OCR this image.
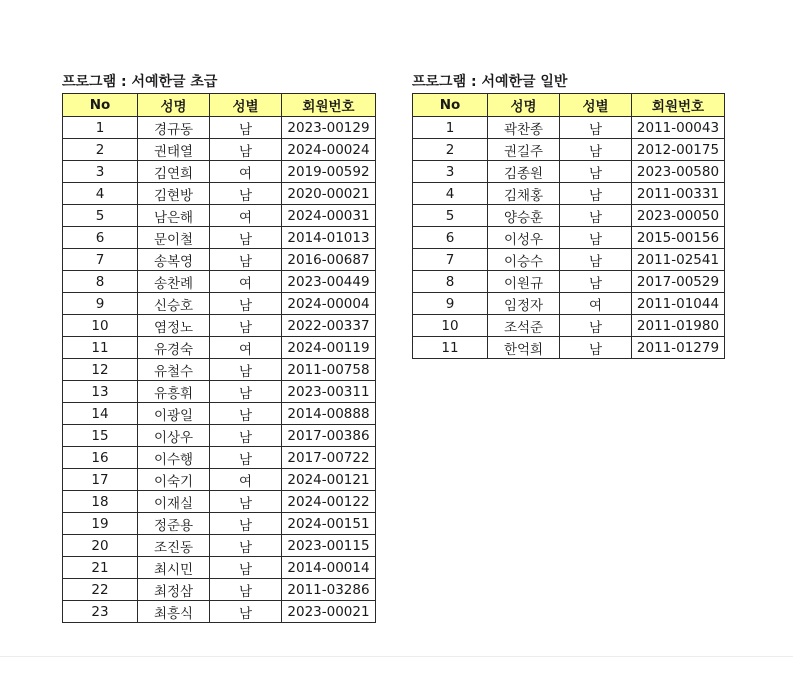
프로그램 : 서예한글 초급
No	성명	성별	회원번호
1	경규동	남	2023-00129
2	권태열	남	2024-00024
3	김연희	여	2019-00592
4	김현방	남	2020-00021
5	남은해	여	2024-00031
6	문이철	남	2014-01013
7	송복영	남	2016-00687
8	송찬례	여	2023-00449
9	신승호	남	2024-00004
10	염정노	남	2022-00337
11	유경숙	여	2024-00119
12	유철수	남	2011-00758
13	유흥휘	남	2023-00311
14	이광일	남	2014-00888
15	이상우	남	2017-00386
16	이수행	남	2017-00722
17	이숙기	여	2024-00121
18	이재실	남	2024-00122
19	정준용	남	2024-00151
20	조진동	남	2023-00115
21	최시민	남	2014-00014
22	최정삼	남	2011-03286
23	최흥식	남	2023-00021
프로그램 : 서예한글 일반
No	성명	성별	회원번호
1	곽찬종	남	2011-00043
2	권길주	남	2012-00175
3	김종원	남	2023-00580
4	김채홍	남	2011-00331
5	양승훈	남	2023-00050
6	이성우	남	2015-00156
7	이승수	남	2011-02541
8	이원규	남	2017-00529
9	임정자	여	2011-01044
10	조석준	남	2011-01980
11	한억희	남	2011-01279
